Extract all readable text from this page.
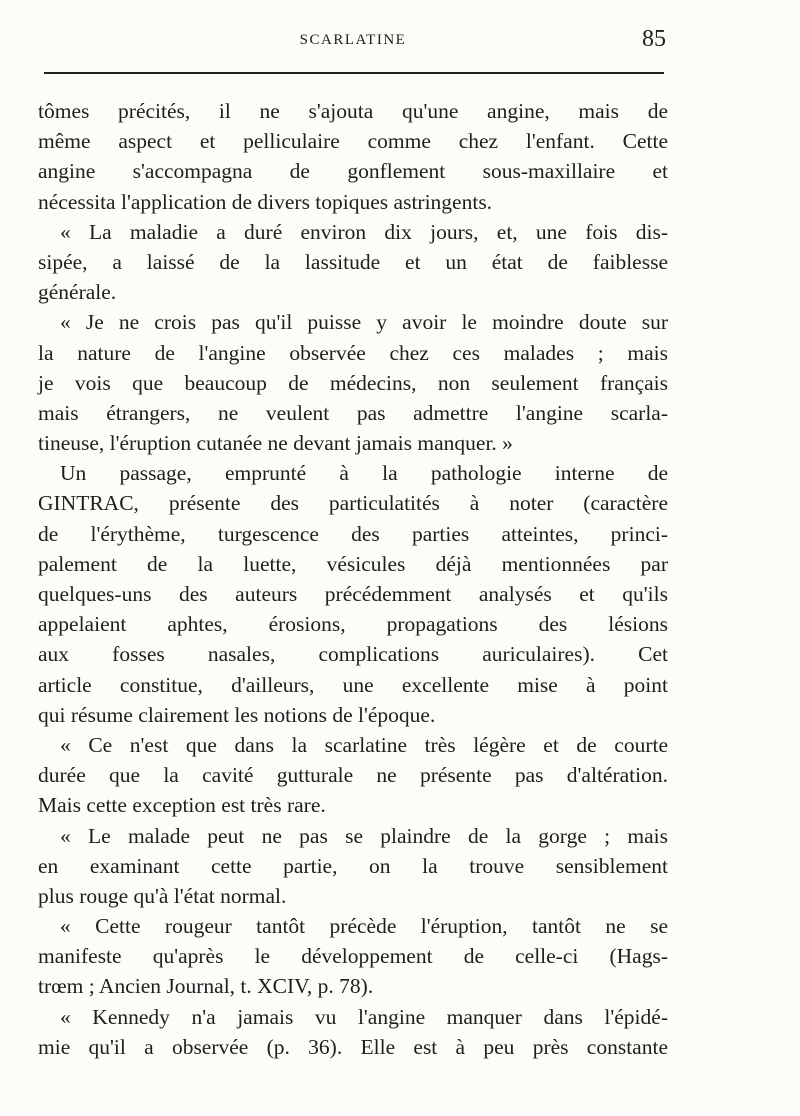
SCARLATINE	85
tômes précités, il ne s'ajouta qu'une angine, mais de
même aspect et pelliculaire comme chez l'enfant. Cette
angine s'accompagna de gonflement sous-maxillaire et
nécessita l'application de divers topiques astringents.
« La maladie a duré environ dix jours, et, une fois dis-
sipée, a laissé de la lassitude et un état de faiblesse
générale.
« Je ne crois pas qu'il puisse y avoir le moindre doute sur
la nature de l'angine observée chez ces malades ; mais
je vois que beaucoup de médecins, non seulement français
mais étrangers, ne veulent pas admettre l'angine scarla-
tineuse, l'éruption cutanée ne devant jamais manquer. »
Un passage, emprunté à la pathologie interne de
GINTRAC, présente des particulatités à noter (caractère
de l'érythème, turgescence des parties atteintes, princi-
palement de la luette, vésicules déjà mentionnées par
quelques-uns des auteurs précédemment analysés et qu'ils
appelaient aphtes, érosions, propagations des lésions
aux fosses nasales, complications auriculaires). Cet
article constitue, d'ailleurs, une excellente mise à point
qui résume clairement les notions de l'époque.
« Ce n'est que dans la scarlatine très légère et de courte
durée que la cavité gutturale ne présente pas d'altération.
Mais cette exception est très rare.
« Le malade peut ne pas se plaindre de la gorge ; mais
en examinant cette partie, on la trouve sensiblement
plus rouge qu'à l'état normal.
« Cette rougeur tantôt précède l'éruption, tantôt ne se
manifeste qu'après le développement de celle-ci (Hags-
trœm ; Ancien Journal, t. XCIV, p. 78).
« Kennedy n'a jamais vu l'angine manquer dans l'épidé-
mie qu'il a observée (p. 36). Elle est à peu près constante
